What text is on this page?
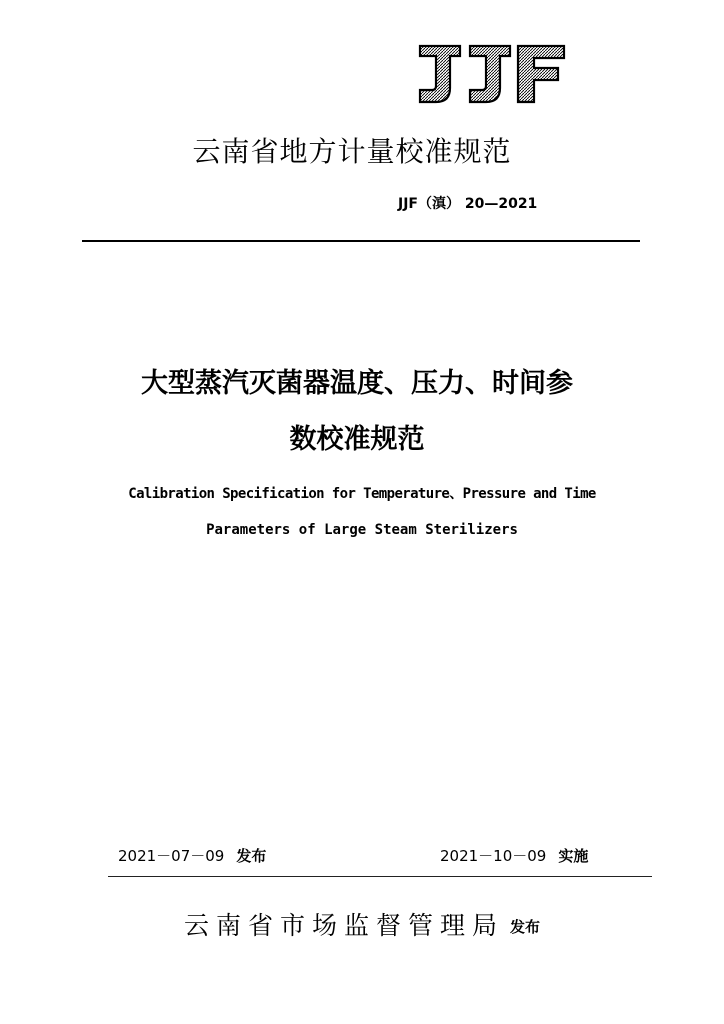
云南省地方计量校准规范
JJF（滇） 20—2021
大型蒸汽灭菌器温度、压力、时间参
数校准规范
Calibration Specification for Temperature、Pressure and Time
Parameters of Large Steam Sterilizers
2021－07－09 发布	2021－10－09 实施
云南省市场监督管理局 发布
